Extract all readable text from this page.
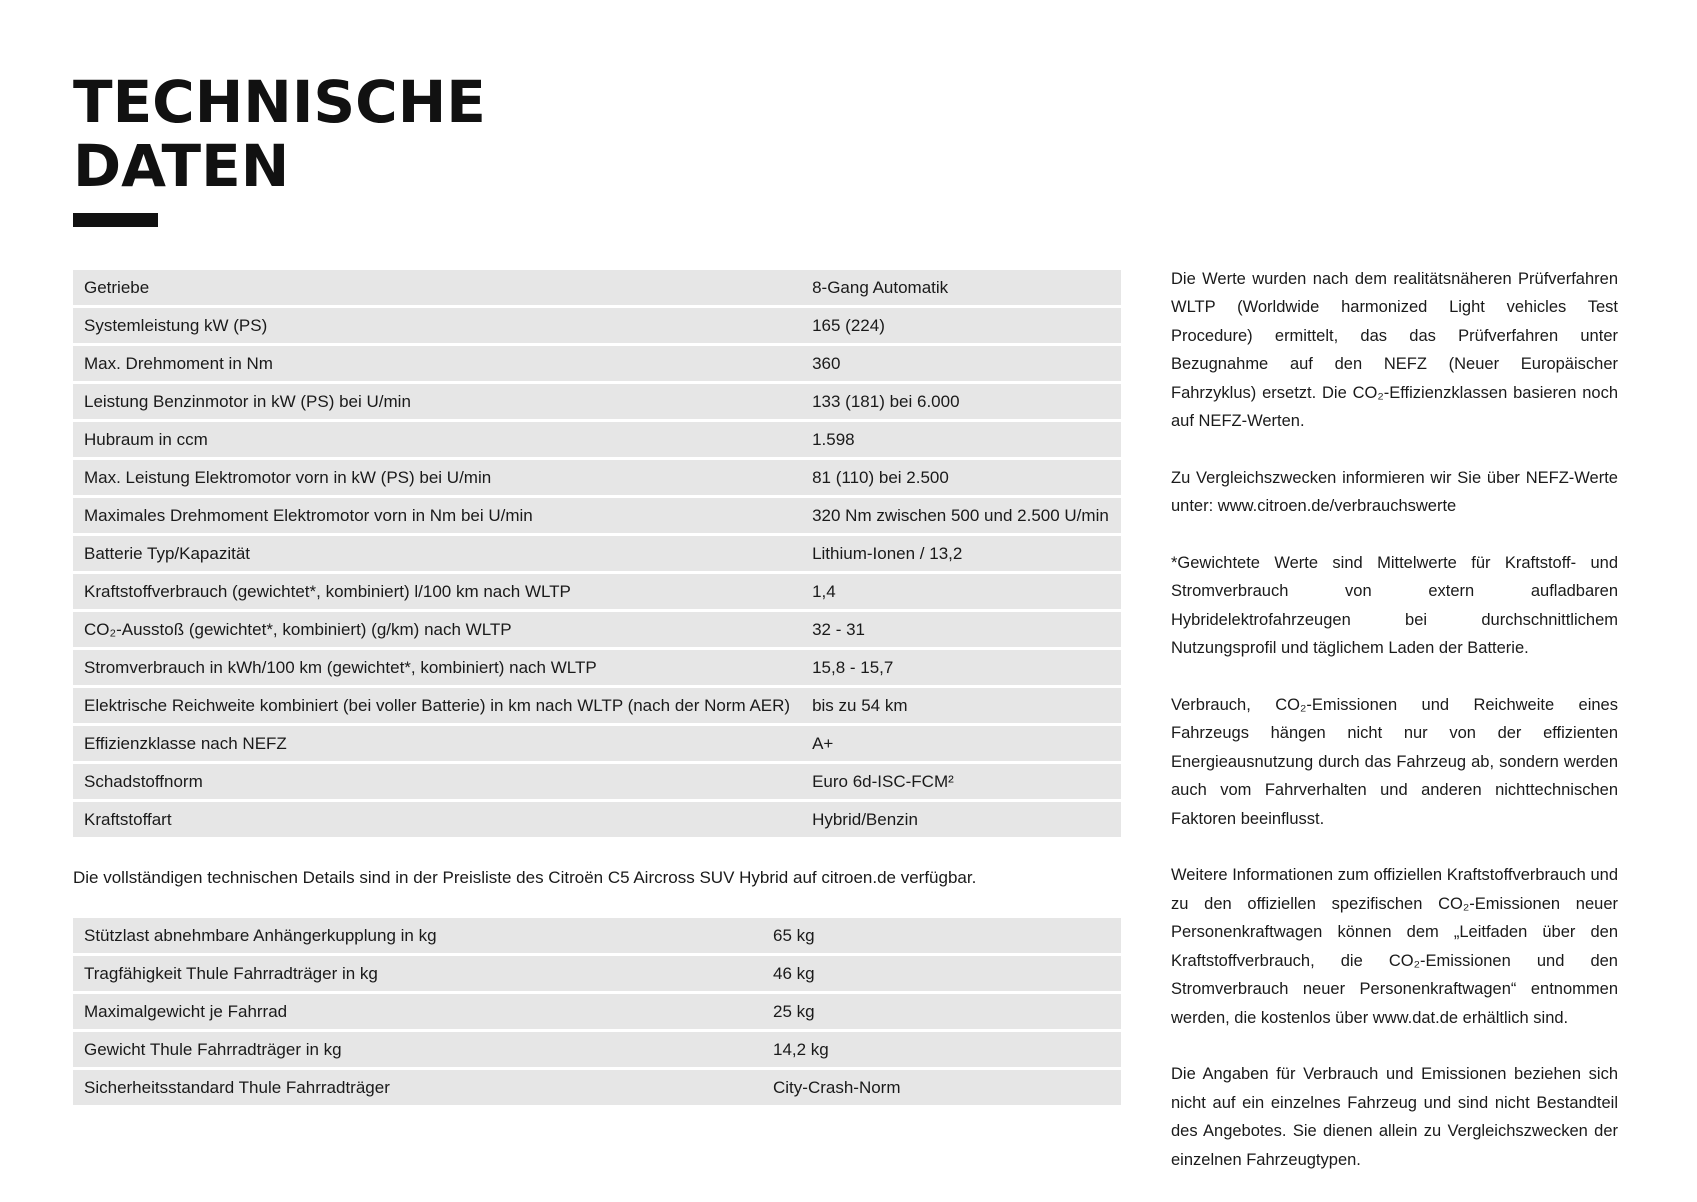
TECHNISCHE
DATEN
Getriebe	8-Gang Automatik
Systemleistung kW (PS)	165 (224)
Max. Drehmoment in Nm	360
Leistung Benzinmotor in kW (PS) bei U/min	133 (181) bei 6.000
Hubraum in ccm	1.598
Max. Leistung Elektromotor vorn in kW (PS) bei U/min	81 (110) bei 2.500
Maximales Drehmoment Elektromotor vorn in Nm bei U/min	320 Nm zwischen 500 und 2.500 U/min
Batterie Typ/Kapazität	Lithium-Ionen / 13,2
Kraftstoffverbrauch (gewichtet*, kombiniert) l/100 km nach WLTP	1,4
CO₂-Ausstoß (gewichtet*, kombiniert) (g/km) nach WLTP	32 - 31
Stromverbrauch in kWh/100 km (gewichtet*, kombiniert) nach WLTP	15,8 - 15,7
Elektrische Reichweite kombiniert (bei voller Batterie) in km nach WLTP (nach der Norm AER)	bis zu 54 km
Effizienzklasse nach NEFZ	A+
Schadstoffnorm	Euro 6d-ISC-FCM²
Kraftstoffart	Hybrid/Benzin

Die vollständigen technischen Details sind in der Preisliste des Citroën C5 Aircross SUV Hybrid auf citroen.de verfügbar.

Stützlast abnehmbare Anhängerkupplung in kg	65 kg
Tragfähigkeit Thule Fahrradträger in kg	46 kg
Maximalgewicht je Fahrrad	25 kg
Gewicht Thule Fahrradträger in kg	14,2 kg
Sicherheitsstandard Thule Fahrradträger	City-Crash-Norm

Die Werte wurden nach dem realitätsnäheren Prüfverfahren WLTP (Worldwide harmonized Light vehicles Test Procedure) ermittelt, das das Prüfverfahren unter Bezugnahme auf den NEFZ (Neuer Europäischer Fahrzyklus) ersetzt. Die CO₂-Effizienzklassen basieren noch auf NEFZ-Werten.

Zu Vergleichszwecken informieren wir Sie über NEFZ-Werte unter: www.citroen.de/verbrauchswerte

*Gewichtete Werte sind Mittelwerte für Kraftstoff- und Stromverbrauch von extern aufladbaren Hybridelektrofahrzeugen bei durchschnittlichem Nutzungsprofil und täglichem Laden der Batterie.

Verbrauch, CO₂-Emissionen und Reichweite eines Fahrzeugs hängen nicht nur von der effizienten Energieausnutzung durch das Fahrzeug ab, sondern werden auch vom Fahrverhalten und anderen nichttechnischen Faktoren beeinflusst.

Weitere Informationen zum offiziellen Kraftstoffverbrauch und zu den offiziellen spezifischen CO₂-Emissionen neuer Personenkraftwagen können dem „Leitfaden über den Kraftstoffverbrauch, die CO₂-Emissionen und den Stromverbrauch neuer Personenkraftwagen“ entnommen werden, die kostenlos über www.dat.de erhältlich sind.

Die Angaben für Verbrauch und Emissionen beziehen sich nicht auf ein einzelnes Fahrzeug und sind nicht Bestandteil des Angebotes. Sie dienen allein zu Vergleichszwecken der einzelnen Fahrzeugtypen.
